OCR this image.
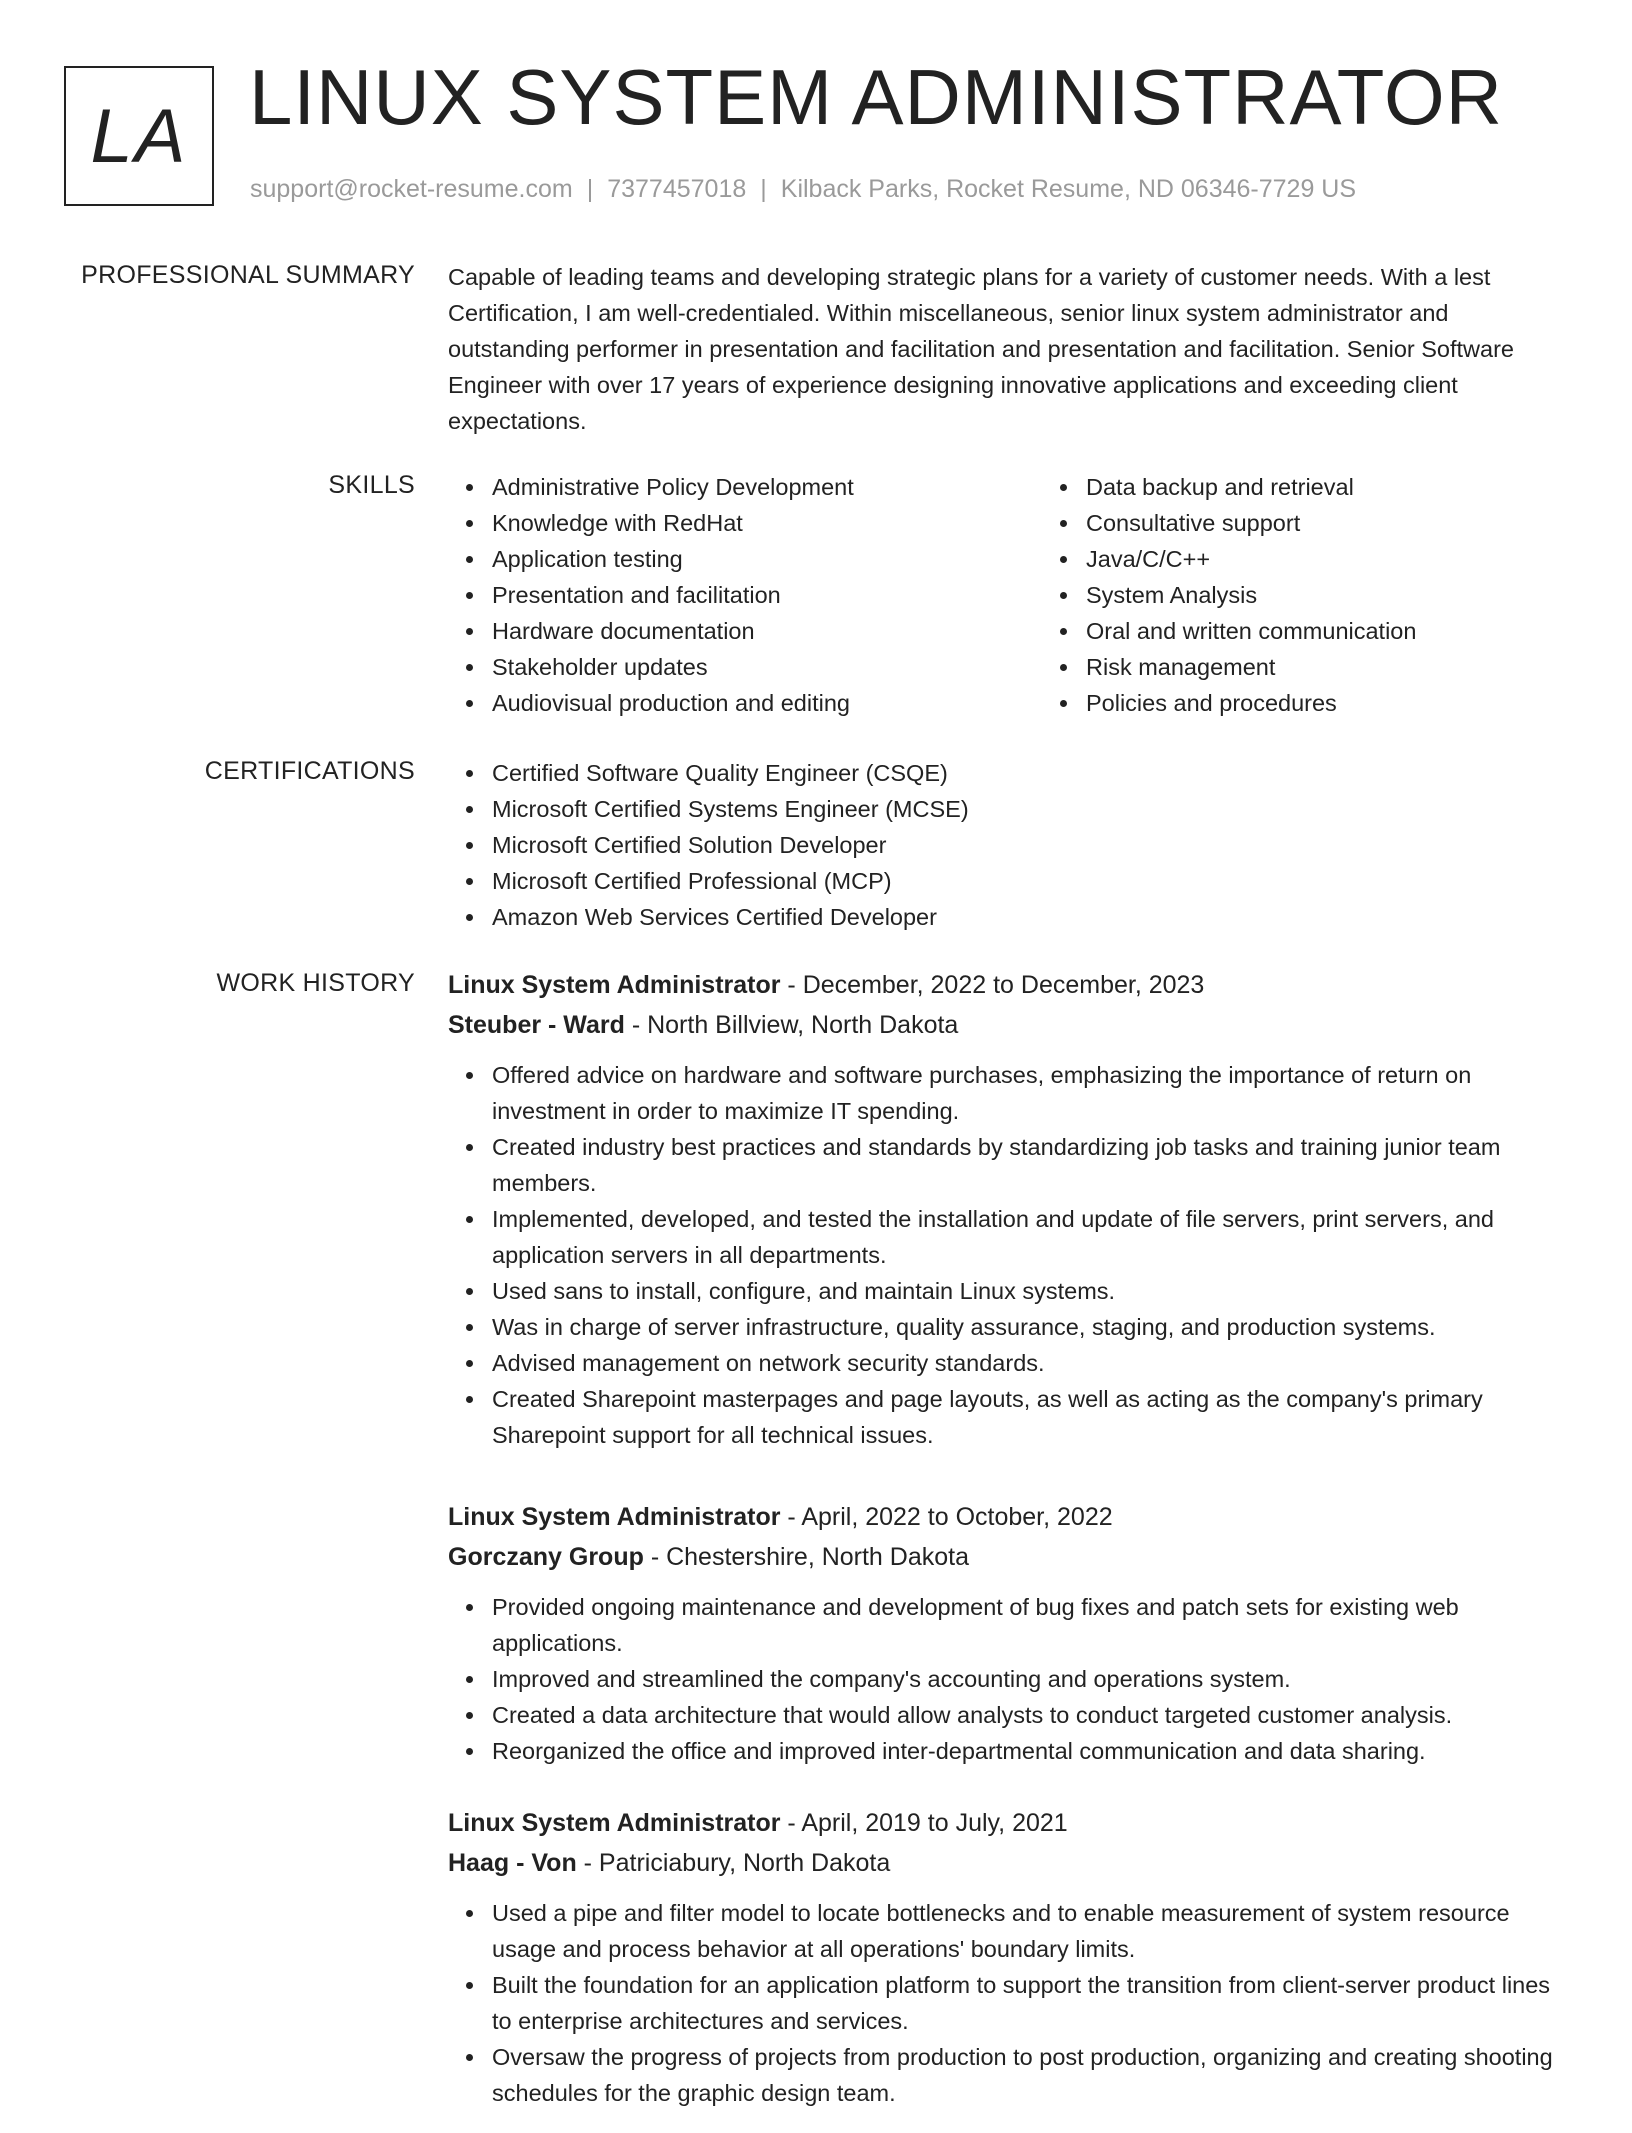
LA LINUX SYSTEM ADMINISTRATOR
support@rocket-resume.com | 7377457018 | Kilback Parks, Rocket Resume, ND 06346-7729 US
PROFESSIONAL SUMMARY Capable of leading teams and developing strategic plans for a variety of customer needs. With a lest Certification, I am well-credentialed. Within miscellaneous, senior linux system administrator and outstanding performer in presentation and facilitation and presentation and facilitation. Senior Software Engineer with over 17 years of experience designing innovative applications and exceeding client expectations.

SKILLS	Administrative Policy Development
Knowledge with RedHat
Application testing
Presentation and facilitation
Hardware documentation
Stakeholder updates
Audiovisual production and editing
Data backup and retrieval
Consultative support
Java/C/C++
System Analysis
Oral and written communication
Risk management
Policies and procedures
CERTIFICATIONS	Certified Software Quality Engineer (CSQE)
Microsoft Certified Systems Engineer (MCSE)
Microsoft Certified Solution Developer
Microsoft Certified Professional (MCP)
Amazon Web Services Certified Developer
WORK HISTORY Linux System Administrator - December, 2022 to December, 2023
Steuber - Ward - North Billview, North Dakota
Offered advice on hardware and software purchases, emphasizing the importance of return on investment in order to maximize IT spending.
Created industry best practices and standards by standardizing job tasks and training junior team members.
Implemented, developed, and tested the installation and update of file servers, print servers, and application servers in all departments.
Used sans to install, configure, and maintain Linux systems.
Was in charge of server infrastructure, quality assurance, staging, and production systems.
Advised management on network security standards.
Created Sharepoint masterpages and page layouts, as well as acting as the company's primary Sharepoint support for all technical issues.
Linux System Administrator - April, 2022 to October, 2022
Gorczany Group - Chestershire, North Dakota
Provided ongoing maintenance and development of bug fixes and patch sets for existing web applications.
Improved and streamlined the company's accounting and operations system.
Created a data architecture that would allow analysts to conduct targeted customer analysis.
Reorganized the office and improved inter-departmental communication and data sharing.
Linux System Administrator - April, 2019 to July, 2021
Haag - Von - Patriciabury, North Dakota
Used a pipe and filter model to locate bottlenecks and to enable measurement of system resource usage and process behavior at all operations' boundary limits.
Built the foundation for an application platform to support the transition from client-server product lines to enterprise architectures and services.
Oversaw the progress of projects from production to post production, organizing and creating shooting schedules for the graphic design team.
